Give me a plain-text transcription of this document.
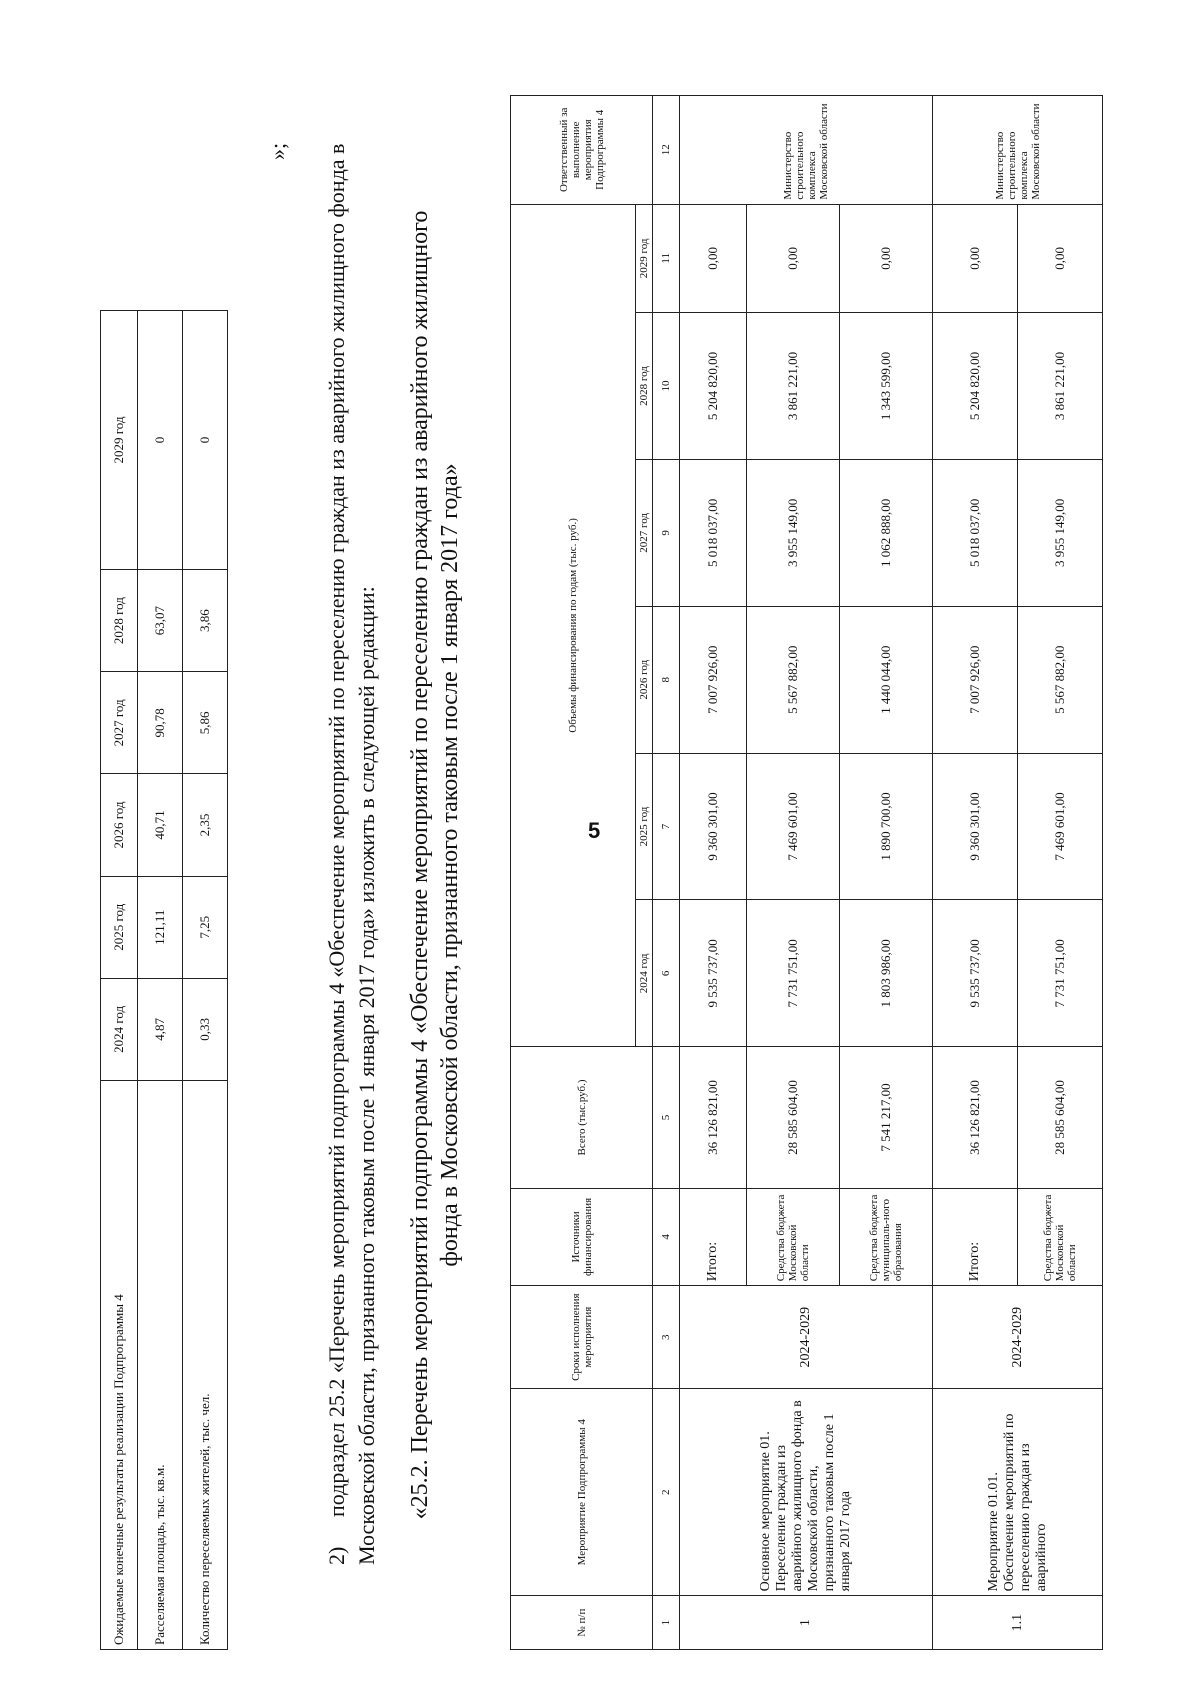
5
Ожидаемые конечные результаты реализации Подпрограммы 4	2024 год	2025 год	2026 год	2027 год	2028 год	2029 год
Расселяемая площадь, тыс. кв.м.	4,87	121,11	40,71	90,78	63,07	0
Количество переселяемых жителей, тыс. чел.	0,33	7,25	2,35	5,86	3,86	0
»;
2)подраздел 25.2 «Перечень мероприятий подпрограммы 4 «Обеспечение мероприятий по переселению граждан из аварийного жилищного фонда в Московской области, признанного таковым после 1 января 2017 года» изложить в следующей редакции: «25.2. Перечень мероприятий подпрограммы 4 «Обеспечение мероприятий по переселению граждан из аварийного жилищного фонда в Московской области, признанного таковым после 1 января 2017 года»
№ п/п	Мероприятие Подпрограммы 4	Сроки исполнения мероприятия	Источники финансирования	Всего (тыс.руб.)	Объемы финансирования по годам (тыс. руб.)						Ответственный за выполнение мероприятия Подпрограммы 4
					2024 год	2025 год	2026 год	2027 год	2028 год	2029 год	
1	2	3	4	5	6	7	8	9	10	11	12
1	Основное мероприятие 01. Переселение граждан из аварийного жилищного фонда в Московской области, признанного таковым после 1 января 2017 года	2024-2029	Итого:	36 126 821,00	9 535 737,00	9 360 301,00	7 007 926,00	5 018 037,00	5 204 820,00	0,00	Министерство строительного комплекса Московской области
			Средства бюджета Московской области	28 585 604,00	7 731 751,00	7 469 601,00	5 567 882,00	3 955 149,00	3 861 221,00	0,00	
			Средства бюджета муниципаль-ного образования	7 541 217,00	1 803 986,00	1 890 700,00	1 440 044,00	1 062 888,00	1 343 599,00	0,00	
1.1	Мероприятие 01.01. Обеспечение мероприятий по переселению граждан из аварийного	2024-2029	Итого:	36 126 821,00	9 535 737,00	9 360 301,00	7 007 926,00	5 018 037,00	5 204 820,00	0,00	Министерство строительного комплекса Московской области
			Средства бюджета Московской области	28 585 604,00	7 731 751,00	7 469 601,00	5 567 882,00	3 955 149,00	3 861 221,00	0,00	
